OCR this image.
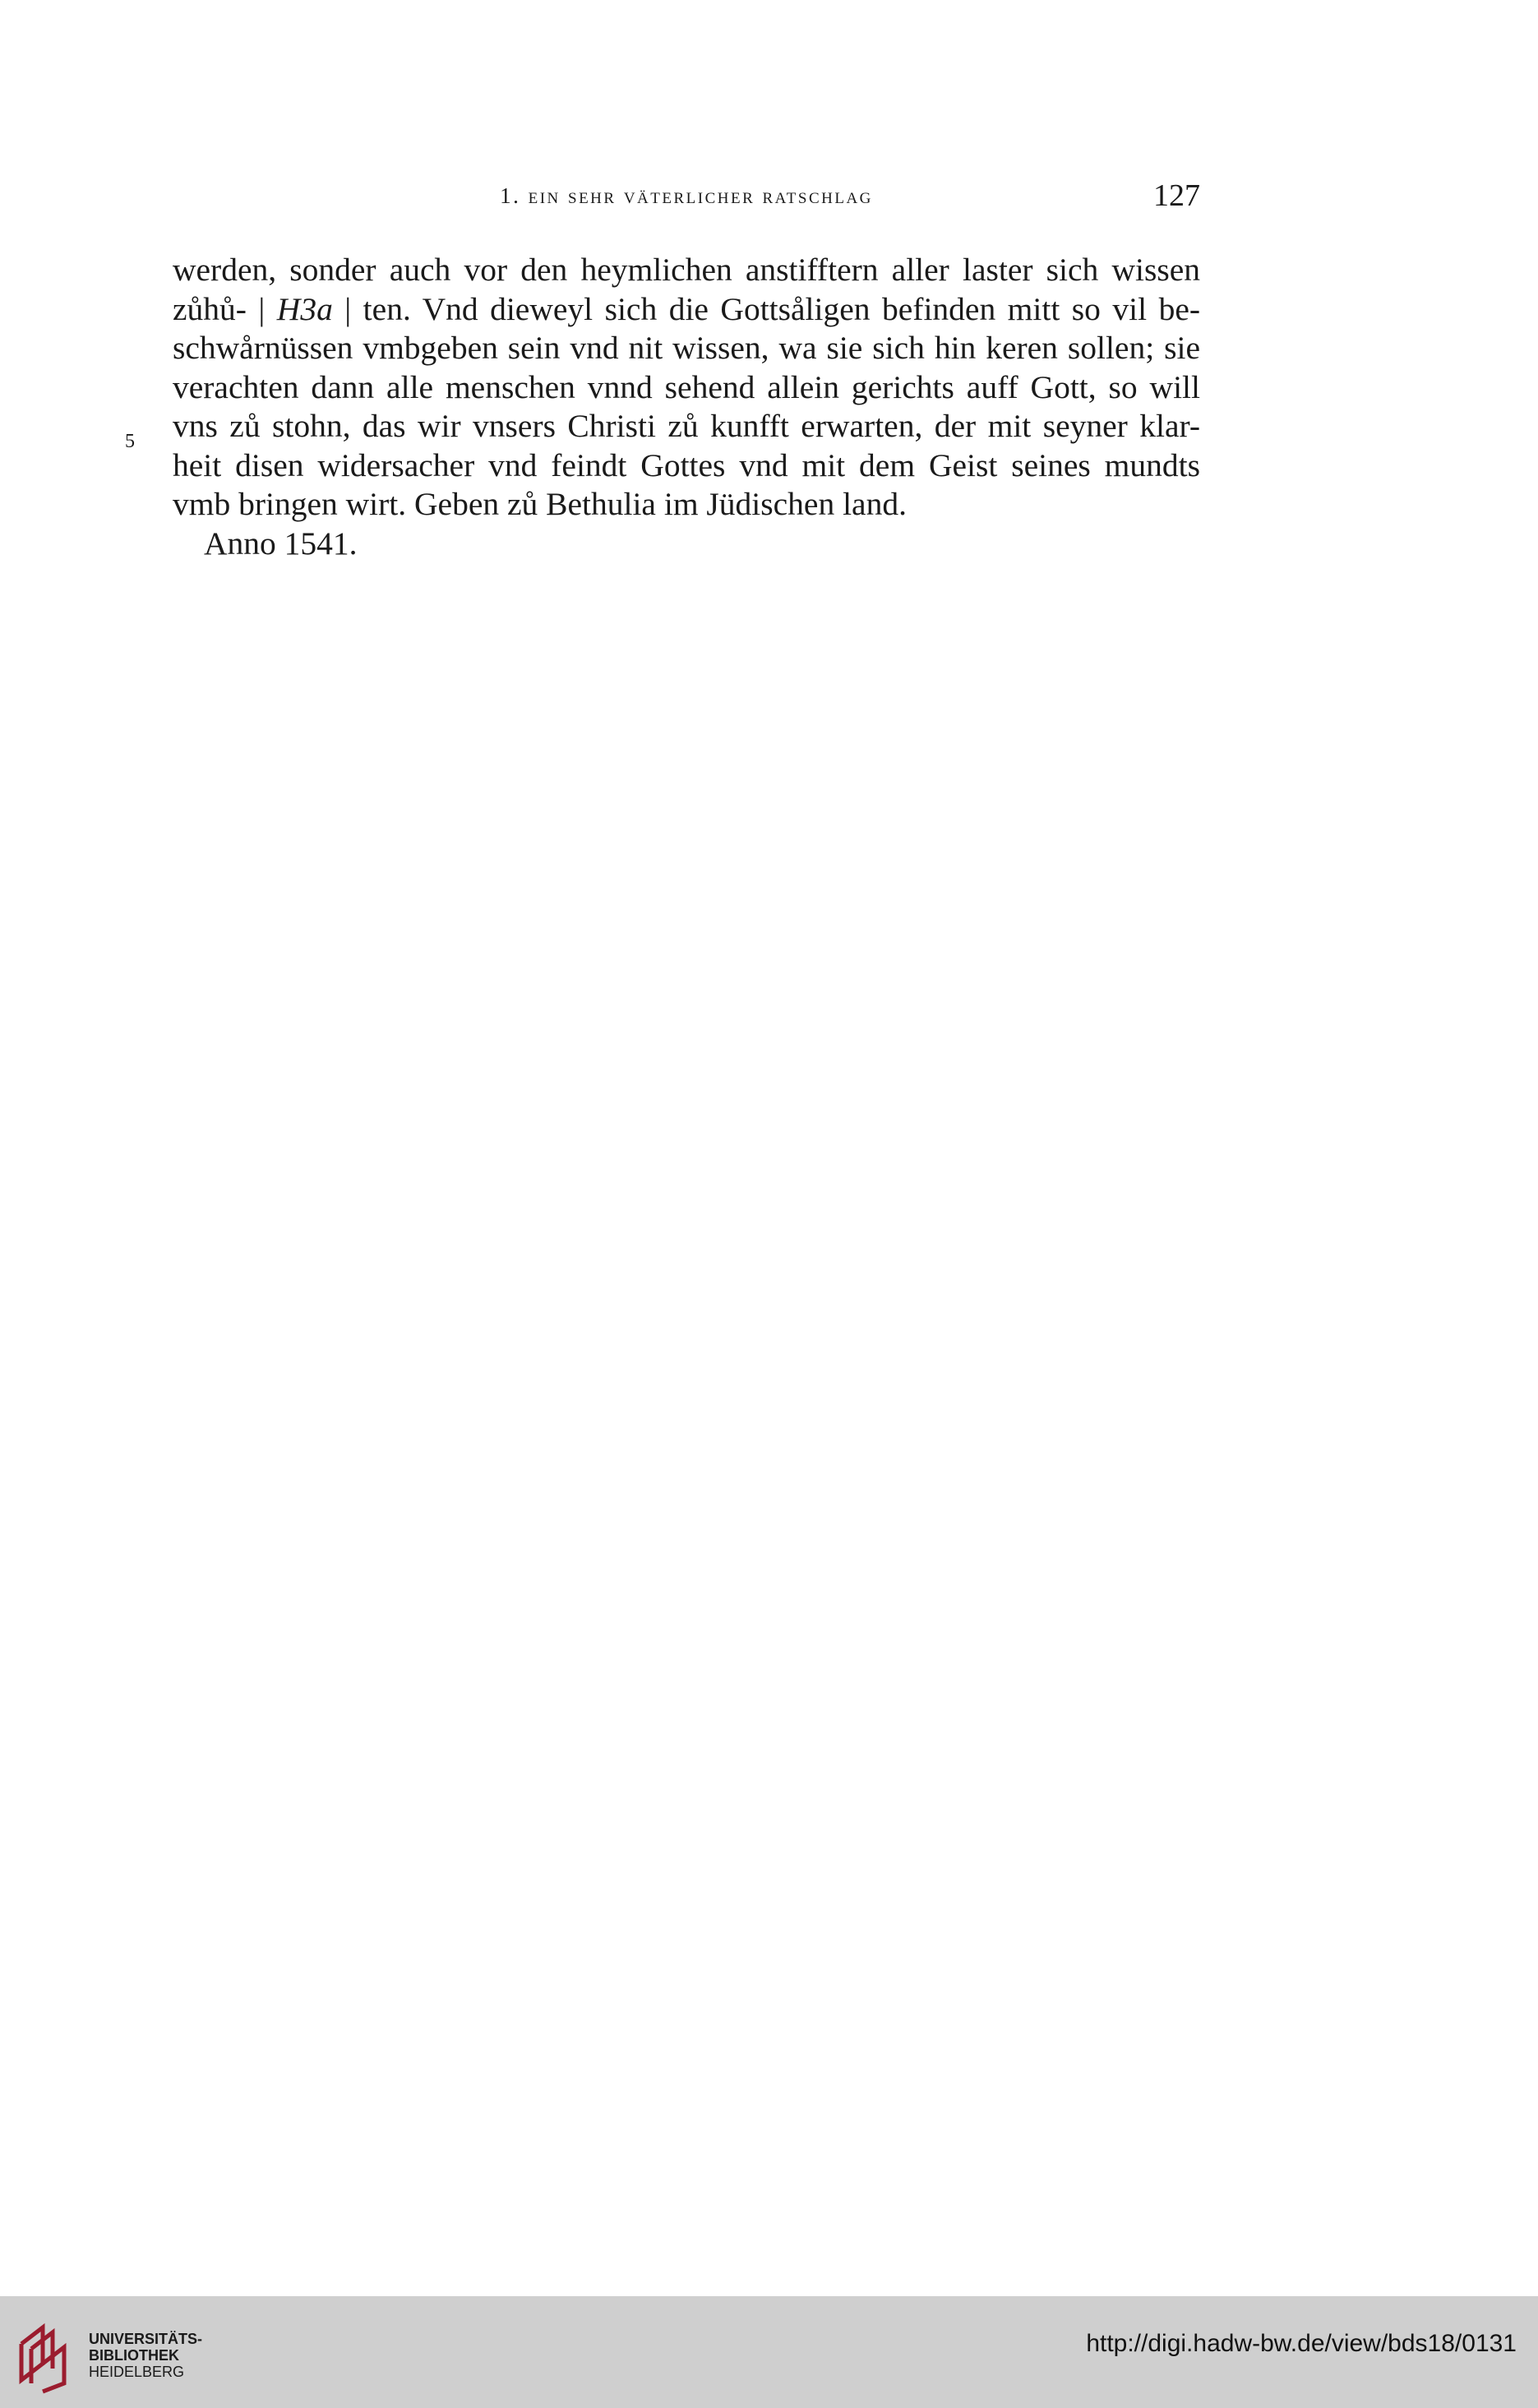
1. ein sehr väterlicher ratschlag	127
5
werden, sonder auch vor den heymlichen anstifftern aller laster sich wissen
zůhů- | H3a | ten. Vnd dieweyl sich die Gottsåligen befinden mitt so vil be-
schwårnüssen vmbgeben sein vnd nit wissen, wa sie sich hin keren sollen; sie
verachten dann alle menschen vnnd sehend allein gerichts auff Gott, so will
vns zů stohn, das wir vnsers Christi zů kunfft erwarten, der mit seyner klar-
heit disen widersacher vnd feindt Gottes vnd mit dem Geist seines mundts
vmb bringen wirt. Geben zů Bethulia im Jüdischen land.
Anno 1541.
UNIVERSITÄTS-
BIBLIOTHEK
HEIDELBERG
http://digi.hadw-bw.de/view/bds18/0131
